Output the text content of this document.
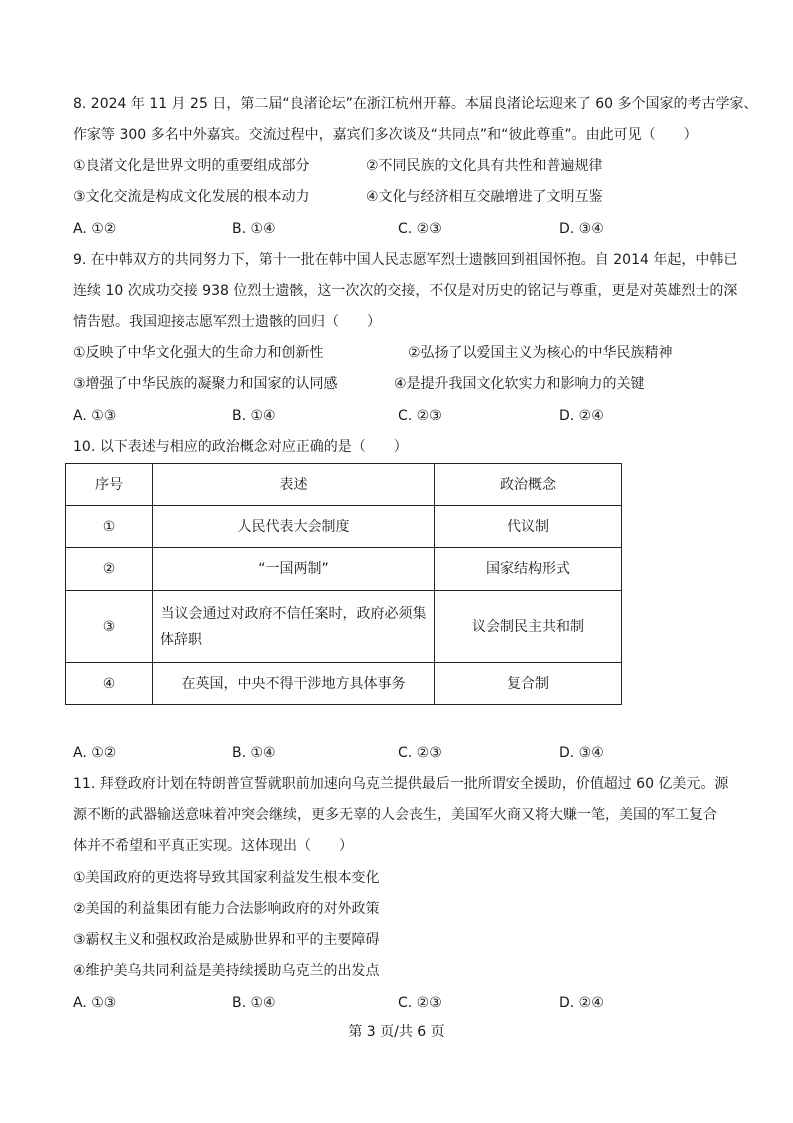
8. 2024 年 11 月 25 日，第二届“良渚论坛”在浙江杭州开幕。本届良渚论坛迎来了 60 多个国家的考古学家、
作家等 300 多名中外嘉宾。交流过程中，嘉宾们多次谈及“共同点”和“彼此尊重”。由此可见（　　）
①良渚文化是世界文明的重要组成部分	②不同民族的文化具有共性和普遍规律
③文化交流是构成文化发展的根本动力	④文化与经济相互交融增进了文明互鉴
A. ①②	B. ①④	C. ②③	D. ③④
9. 在中韩双方的共同努力下，第十一批在韩中国人民志愿军烈士遗骸回到祖国怀抱。自 2014 年起，中韩已
连续 10 次成功交接 938 位烈士遗骸，这一次次的交接，不仅是对历史的铭记与尊重，更是对英雄烈士的深
情告慰。我国迎接志愿军烈士遗骸的回归（　　）
①反映了中华文化强大的生命力和创新性	②弘扬了以爱国主义为核心的中华民族精神
③增强了中华民族的凝聚力和国家的认同感	④是提升我国文化软实力和影响力的关键
A. ①③	B. ①④	C. ②③	D. ②④
10. 以下表述与相应的政治概念对应正确的是（　　）
序号	表述	政治概念
①	人民代表大会制度	代议制
②	“一国两制”	国家结构形式
③	当议会通过对政府不信任案时，政府必须集
体辞职	议会制民主共和制
④	在英国，中央不得干涉地方具体事务	复合制
A. ①②	B. ①④	C. ②③	D. ③④
11. 拜登政府计划在特朗普宣誓就职前加速向乌克兰提供最后一批所谓安全援助，价值超过 60 亿美元。源
源不断的武器输送意味着冲突会继续，更多无辜的人会丧生，美国军火商又将大赚一笔，美国的军工复合
体并不希望和平真正实现。这体现出（　　）
①美国政府的更迭将导致其国家利益发生根本变化
②美国的利益集团有能力合法影响政府的对外政策
③霸权主义和强权政治是威胁世界和平的主要障碍
④维护美乌共同利益是美持续援助乌克兰的出发点
A. ①③	B. ①④	C. ②③	D. ②④
第 3 页/共 6 页
